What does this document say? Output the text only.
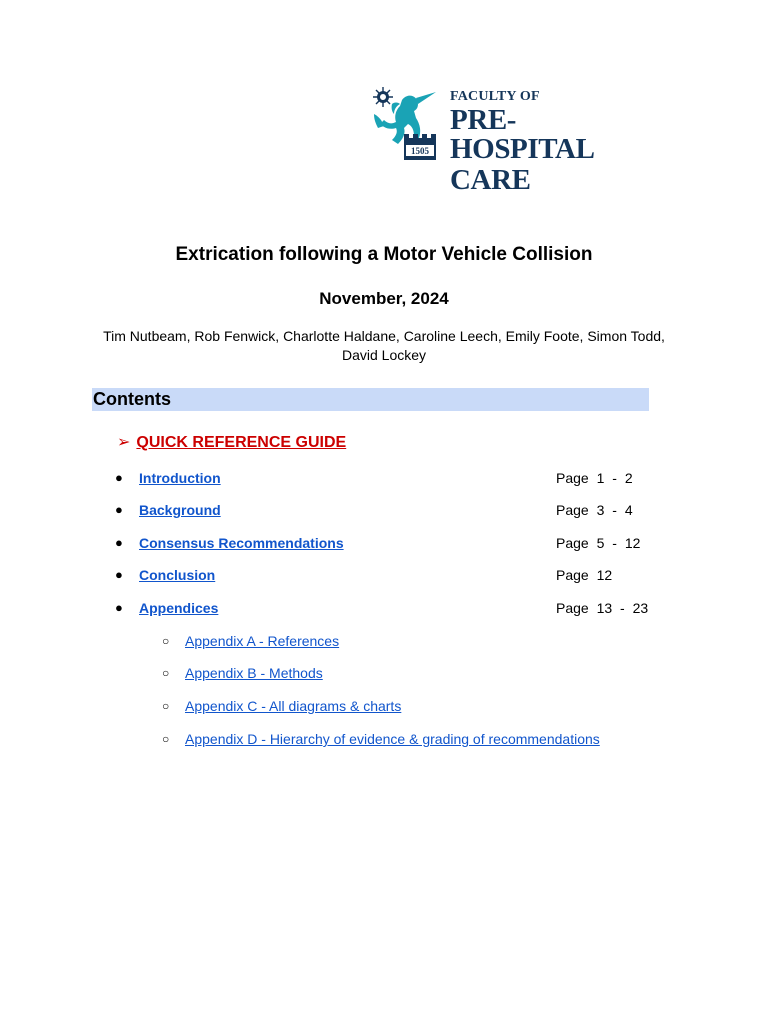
1505
FACULTY OF
PRE-HOSPITAL
CARE
Extrication following a Motor Vehicle Collision
November, 2024
Tim Nutbeam, Rob Fenwick, Charlotte Haldane, Caroline Leech, Emily Foote, Simon Todd, David Lockey
Contents
➢ QUICK REFERENCE GUIDE
● Introduction	Page 1 - 2
● Background	Page 3 - 4
● Consensus Recommendations	Page 5 - 12
● Conclusion	Page 12
● Appendices	Page 13 - 23
○ Appendix A - References
○ Appendix B - Methods
○ Appendix C - All diagrams & charts
○ Appendix D - Hierarchy of evidence & grading of recommendations
